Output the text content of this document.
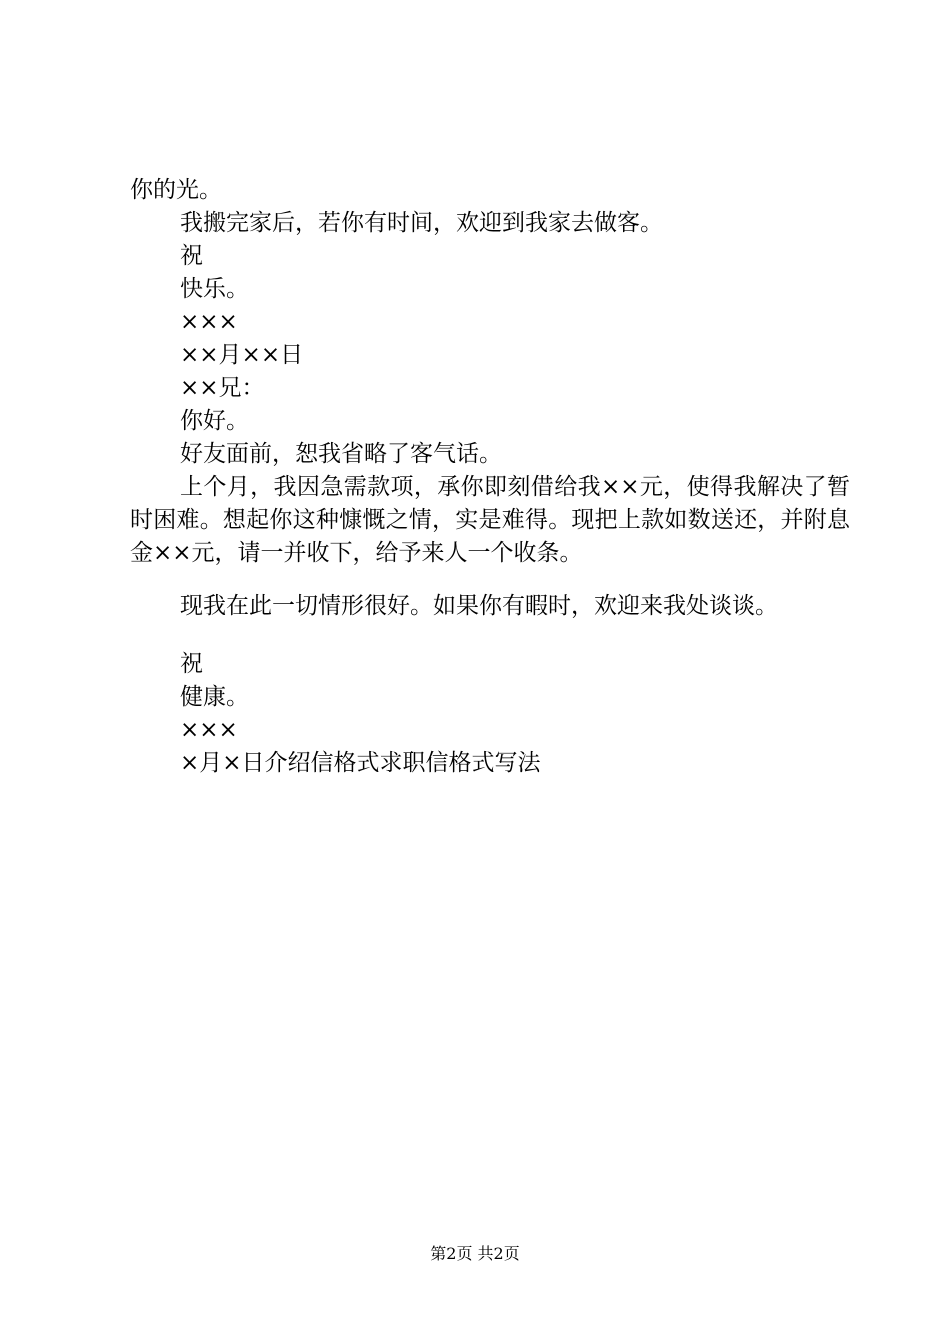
你的光。
我搬完家后，若你有时间，欢迎到我家去做客。
祝
快乐。
×××
××月××日
××兄：
你好。
好友面前，恕我省略了客气话。
上个月，我因急需款项，承你即刻借给我××元，使得我解决了暂时困难。想起你这种慷慨之情，实是难得。现把上款如数送还，并附息金××元，请一并收下，给予来人一个收条。
现我在此一切情形很好。如果你有暇时，欢迎来我处谈谈。
祝
健康。
×××
×月×日介绍信格式求职信格式写法
第2页 共2页
